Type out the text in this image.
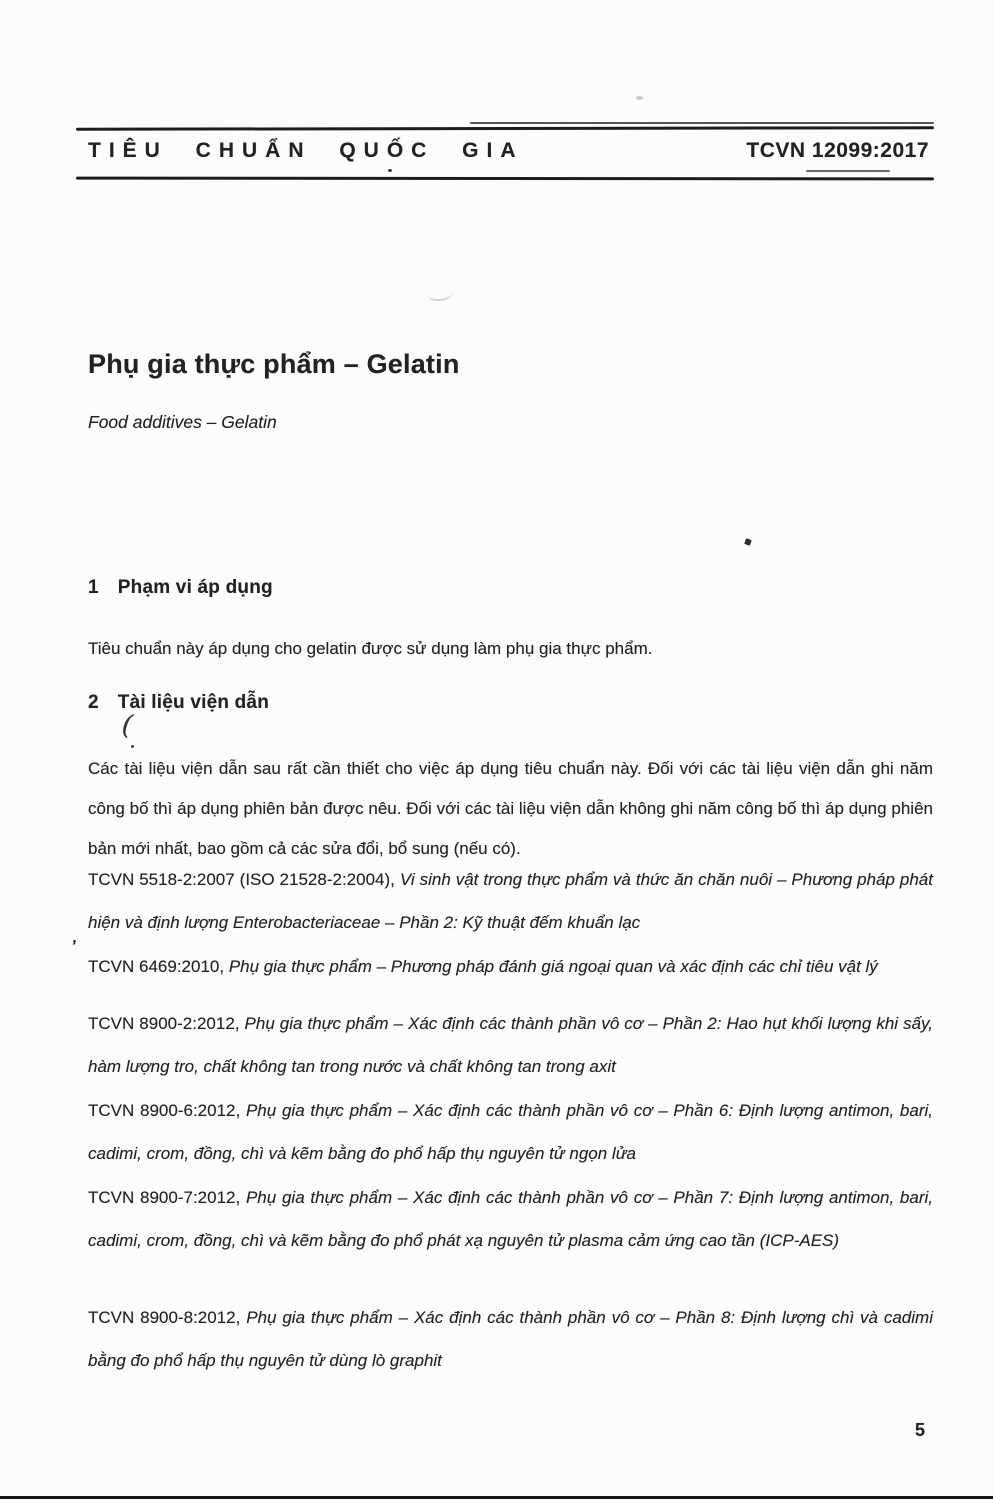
TIÊU CHUẨN QUỐC GIA	TCVN 12099:2017
Phụ gia thực phẩm – Gelatin

Food additives – Gelatin

1 Phạm vi áp dụng

Tiêu chuẩn này áp dụng cho gelatin được sử dụng làm phụ gia thực phẩm.

2 Tài liệu viện dẫn
(

Các tài liệu viện dẫn sau rất cần thiết cho việc áp dụng tiêu chuẩn này. Đối với các tài liệu viện dẫn ghi năm công bố thì áp dụng phiên bản được nêu. Đối với các tài liệu viện dẫn không ghi năm công bố thì áp dụng phiên bản mới nhất, bao gồm cả các sửa đổi, bổ sung (nếu có).

TCVN 5518-2:2007 (ISO 21528-2:2004), Vi sinh vật trong thực phẩm và thức ăn chăn nuôi – Phương pháp phát hiện và định lượng Enterobacteriaceae – Phần 2: Kỹ thuật đếm khuẩn lạc

’

TCVN 6469:2010, Phụ gia thực phẩm – Phương pháp đánh giá ngoại quan và xác định các chỉ tiêu vật lý

TCVN 8900-2:2012, Phụ gia thực phẩm – Xác định các thành phần vô cơ – Phần 2: Hao hụt khối lượng khi sấy, hàm lượng tro, chất không tan trong nước và chất không tan trong axit

TCVN 8900-6:2012, Phụ gia thực phẩm – Xác định các thành phần vô cơ – Phần 6: Định lượng antimon, bari, cadimi, crom, đồng, chì và kẽm bằng đo phổ hấp thụ nguyên tử ngọn lửa

TCVN 8900-7:2012, Phụ gia thực phẩm – Xác định các thành phần vô cơ – Phần 7: Định lượng antimon, bari, cadimi, crom, đồng, chì và kẽm bằng đo phổ phát xạ nguyên tử plasma cảm ứng cao tần (ICP-AES)

TCVN 8900-8:2012, Phụ gia thực phẩm – Xác định các thành phần vô cơ – Phần 8: Định lượng chì và cadimi bằng đo phổ hấp thụ nguyên tử dùng lò graphit

5
